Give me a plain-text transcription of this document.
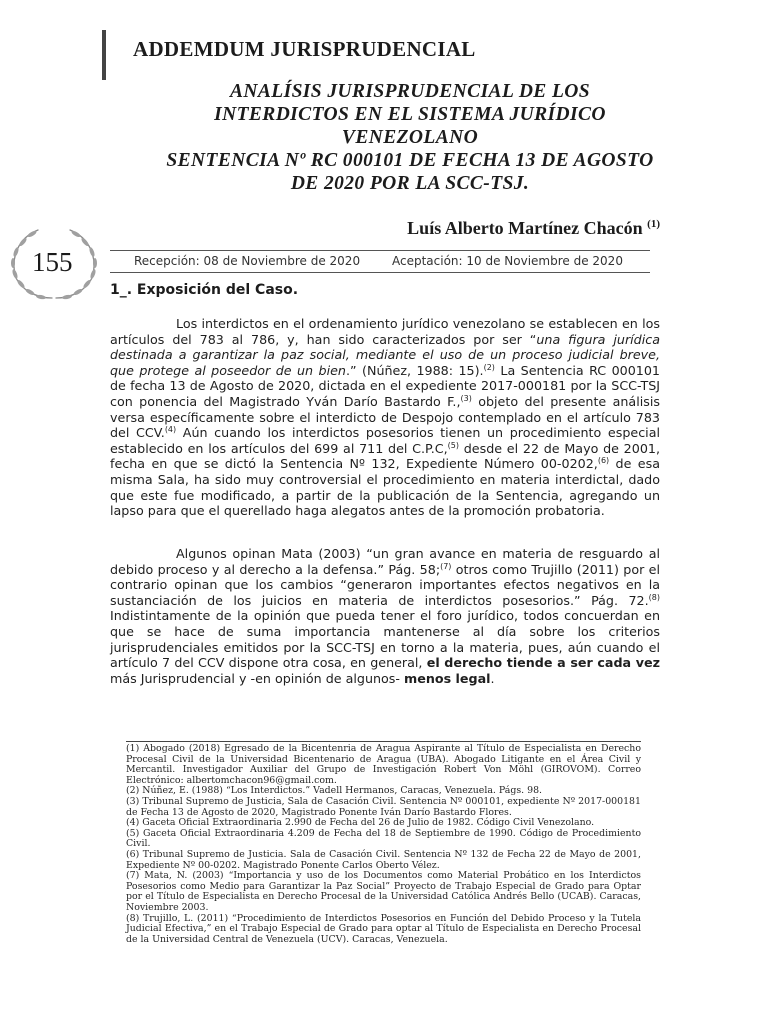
ADDEMDUM JURISPRUDENCIAL
ANALÍSIS JURISPRUDENCIAL DE LOS
INTERDICTOS EN EL SISTEMA JURÍDICO
VENEZOLANO
SENTENCIA Nº RC 000101 DE FECHA 13 DE AGOSTO
DE 2020 POR LA SCC-TSJ.

Luís Alberto Martínez Chacón $^{(1)}$

155	Recepción: 08 de Noviembre de 2020	Aceptación: 10 de Noviembre de 2020
1_. Exposición del Caso.

Los interdictos en el ordenamiento jurídico venezolano se establecen en los artículos del 783 al 786, y, han sido caracterizados por ser “una figura jurídica destinada a garantizar la paz social, mediante el uso de un proceso judicial breve, que protege al poseedor de un bien.” (Núñez, 1988: 15).$^{(2)}$ La Sentencia RC 000101 de fecha 13 de Agosto de 2020, dictada en el expediente 2017-000181 por la SCC-TSJ con ponencia del Magistrado Yván Darío Bastardo F.,$^{(3)}$ objeto del presente análisis versa específicamente sobre el interdicto de Despojo contemplado en el artículo 783 del CCV.$^{(4)}$ Aún cuando los interdictos posesorios tienen un procedimiento especial establecido en los artículos del 699 al 711 del C.P.C,$^{(5)}$ desde el 22 de Mayo de 2001, fecha en que se dictó la Sentencia Nº 132, Expediente Número 00-0202,$^{(6)}$ de esa misma Sala, ha sido muy controversial el procedimiento en materia interdictal, dado que este fue modificado, a partir de la publicación de la Sentencia, agregando un lapso para que el querellado haga alegatos antes de la promoción probatoria.

Algunos opinan Mata (2003) “un gran avance en materia de resguardo al debido proceso y al derecho a la defensa.” Pág. 58;$^{(7)}$ otros como Trujillo (2011) por el contrario opinan que los cambios “generaron importantes efectos negativos en la sustanciación de los juicios en materia de interdictos posesorios.” Pág. 72.$^{(8)}$ Indistintamente de la opinión que pueda tener el foro jurídico, todos concuerdan en que se hace de suma importancia mantenerse al día sobre los criterios jurisprudenciales emitidos por la SCC-TSJ en torno a la materia, pues, aún cuando el artículo 7 del CCV dispone otra cosa, en general, el derecho tiende a ser cada vez más Jurisprudencial y -en opinión de algunos- menos legal.

(1) Abogado (2018) Egresado de la Bicentenria de Aragua Aspirante al Título de Especialista en Derecho Procesal Civil de la Universidad Bicentenario de Aragua (UBA). Abogado Litigante en el Área Civil y Mercantil. Investigador Auxiliar del Grupo de Investigación Robert Von Möhl (GIROVOM). Correo Electrónico: albertomchacon96@gmail.com.

(2) Núñez, E. (1988) “Los Interdictos.” Vadell Hermanos, Caracas, Venezuela. Págs. 98.

(3) Tribunal Supremo de Justicia, Sala de Casación Civil. Sentencia Nº 000101, expediente Nº 2017-000181 de Fecha 13 de Agosto de 2020, Magistrado Ponente Iván Darío Bastardo Flores.

(4) Gaceta Oficial Extraordinaria 2.990 de Fecha del 26 de Julio de 1982. Código Civil Venezolano.

(5) Gaceta Oficial Extraordinaria 4.209 de Fecha del 18 de Septiembre de 1990. Código de Procedimiento Civil.

(6) Tribunal Supremo de Justicia. Sala de Casación Civil. Sentencia Nº 132 de Fecha 22 de Mayo de 2001, Expediente Nº 00-0202. Magistrado Ponente Carlos Oberto Vélez.

(7) Mata, N. (2003) “Importancia y uso de los Documentos como Material Probático en los Interdictos Posesorios como Medio para Garantizar la Paz Social” Proyecto de Trabajo Especial de Grado para Optar por el Título de Especialista en Derecho Procesal de la Universidad Católica Andrés Bello (UCAB). Caracas, Noviembre 2003.

(8) Trujillo, L. (2011) “Procedimiento de Interdictos Posesorios en Función del Debido Proceso y la Tutela Judicial Efectiva,” en el Trabajo Especial de Grado para optar al Título de Especialista en Derecho Procesal de la Universidad Central de Venezuela (UCV). Caracas, Venezuela.
